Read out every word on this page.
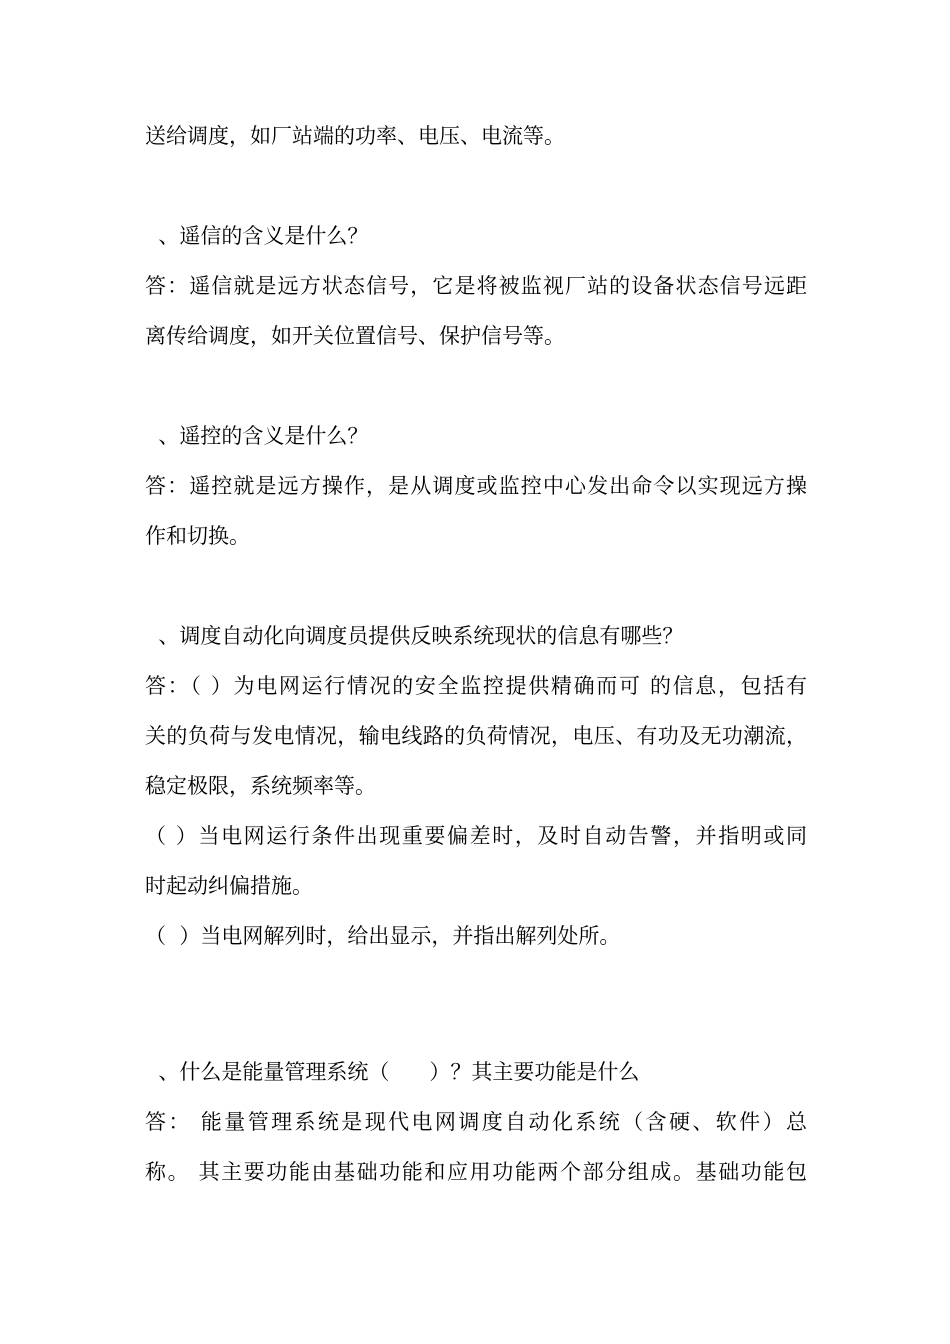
送给调度，如厂站端的功率、电压、电流等。

、遥信的含义是什么？

答：遥信就是远方状态信号，它是将被监视厂站的设备状态信号远距

离传给调度，如开关位置信号、保护信号等。

、遥控的含义是什么？

答：遥控就是远方操作，是从调度或监控中心发出命令以实现远方操

作和切换。

、调度自动化向调度员提供反映系统现状的信息有哪些？

答：（ ）为电网运行情况的安全监控提供精确而可 的信息，包括有

关的负荷与发电情况，输电线路的负荷情况，电压、有功及无功潮流，

稳定极限，系统频率等。

（ ）当电网运行条件出现重要偏差时，及时自动告警，并指明或同

时起动纠偏措施。

（  ）当电网解列时，给出显示，并指出解列处所。

、什么是能量管理系统（      ）？其主要功能是什么

答： 能量管理系统是现代电网调度自动化系统（含硬、软件）总

称。 其主要功能由基础功能和应用功能两个部分组成。基础功能包
